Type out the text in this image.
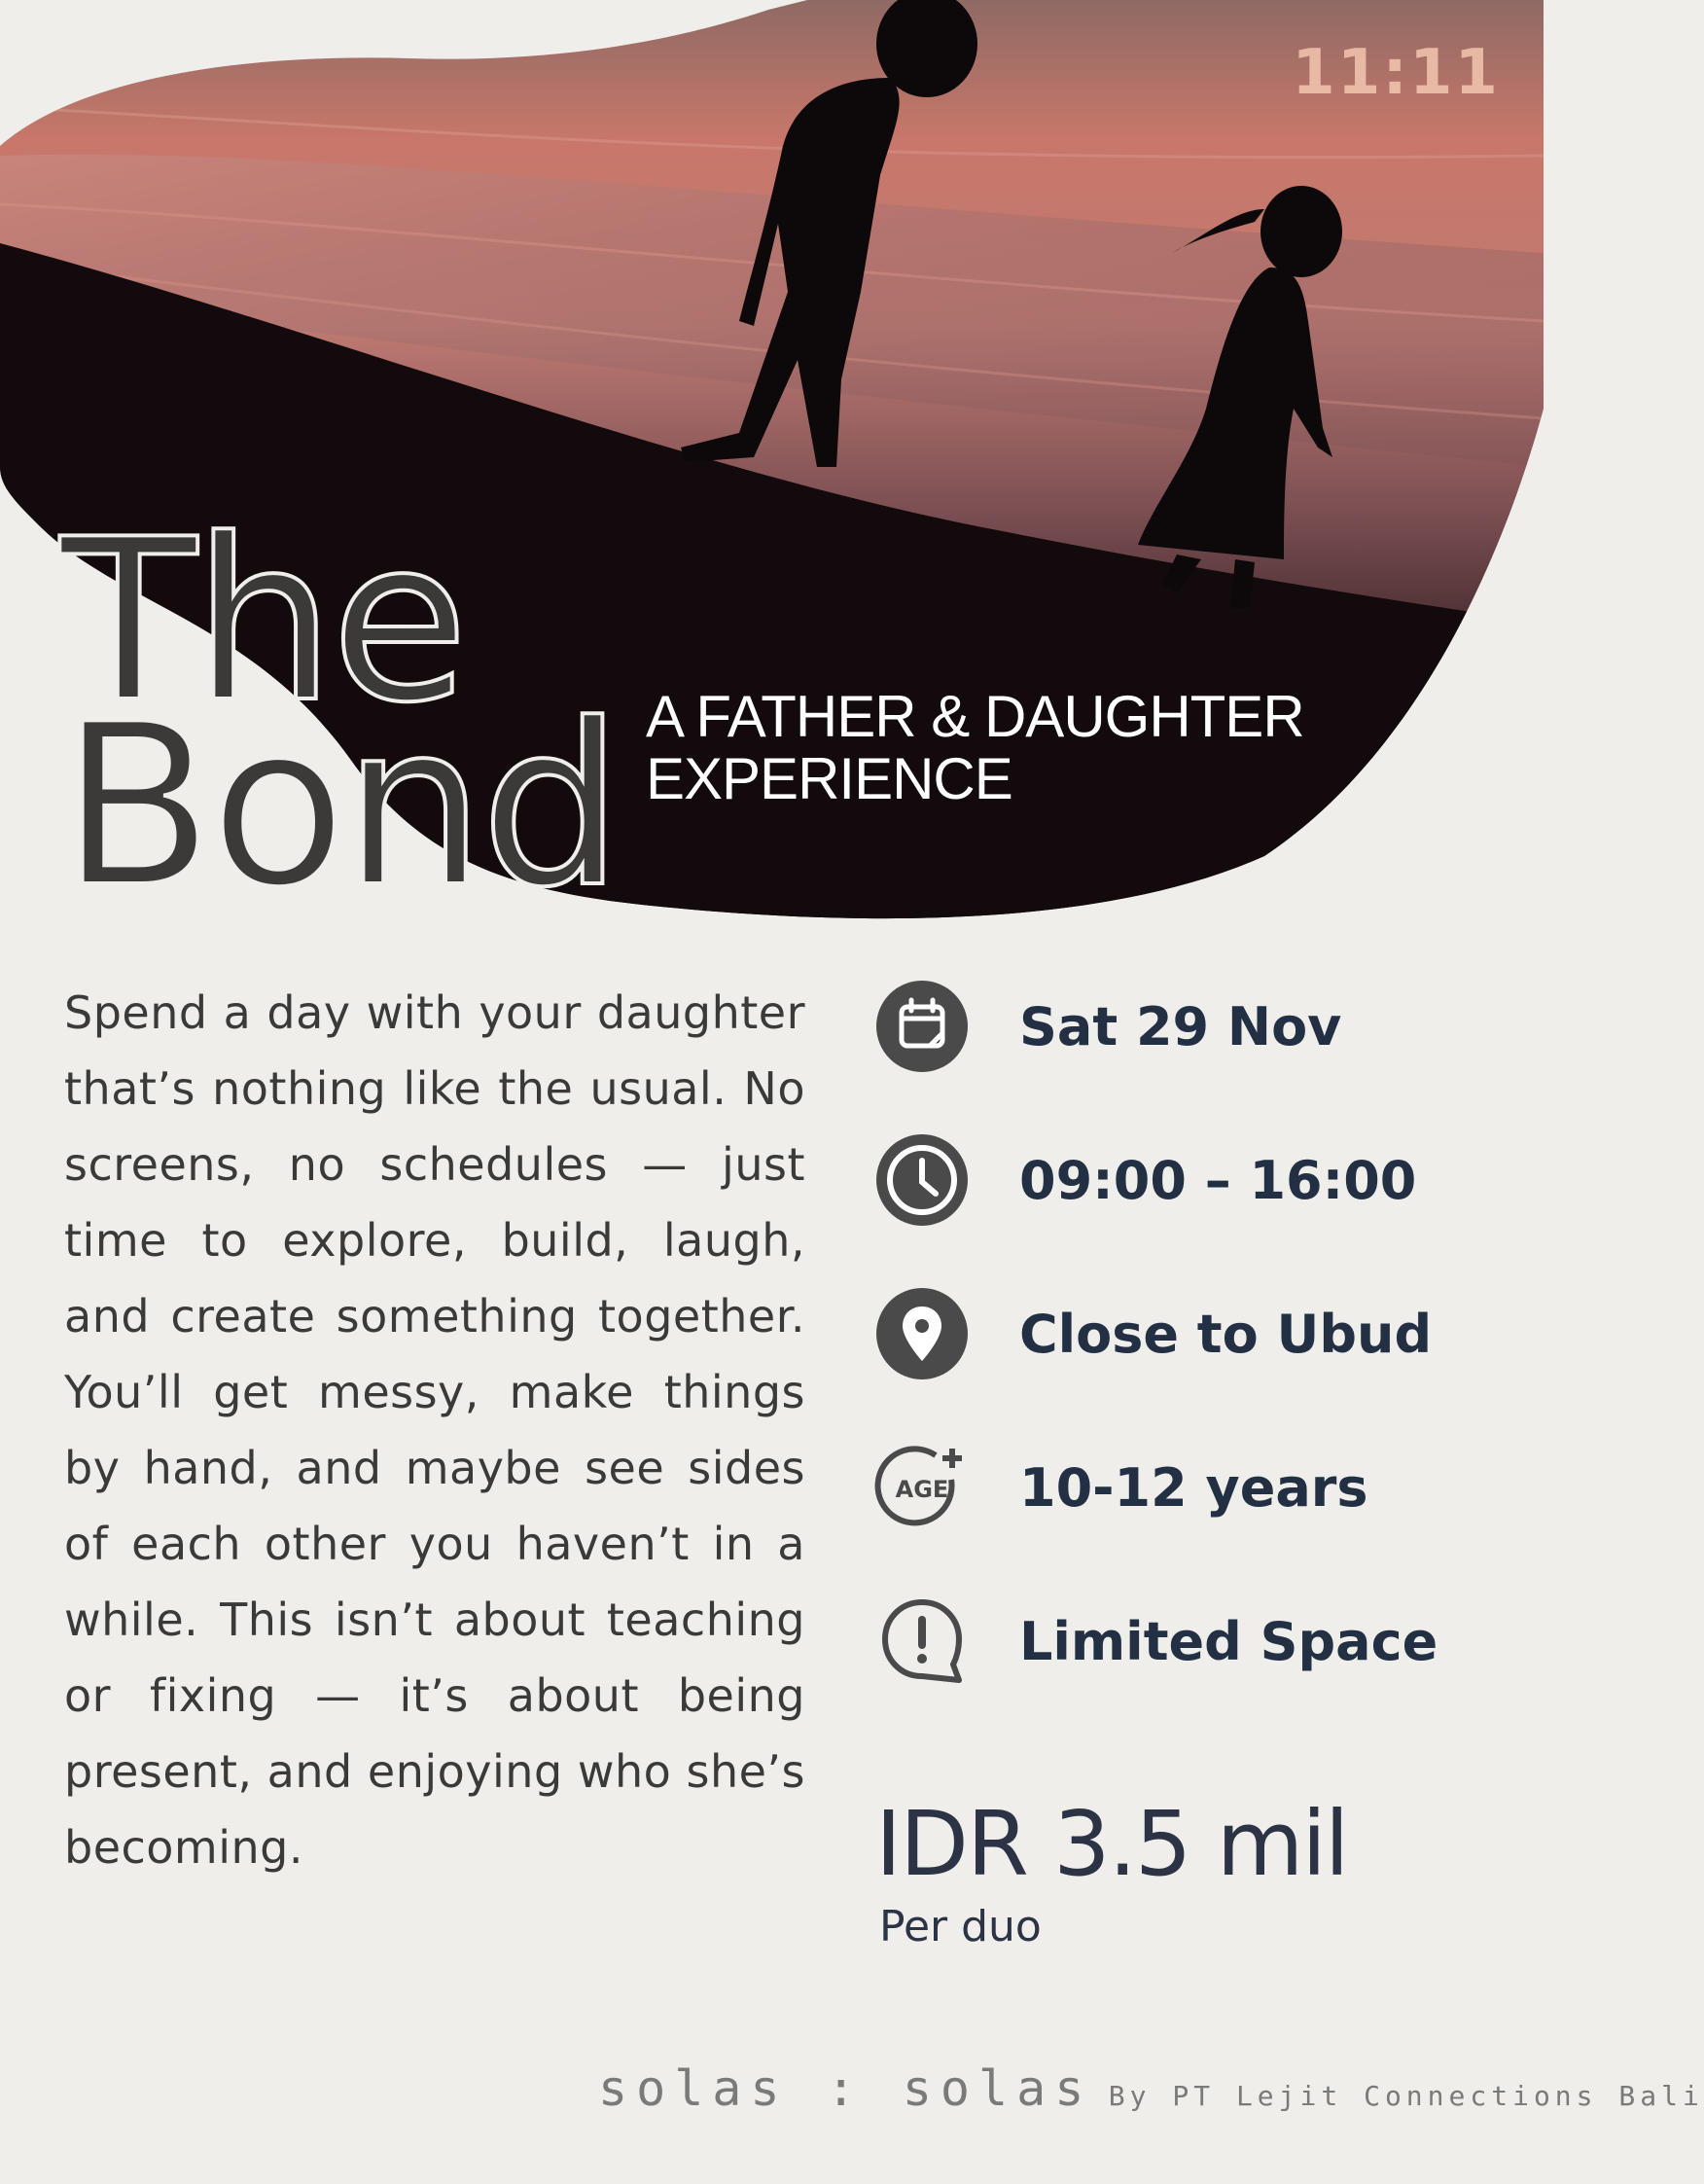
11:11
The
Bond A FATHER & DAUGHTER
EXPERIENCE
Spend a day with your daughter that’s nothing like the usual. No screens, no schedules — just time to explore, build, laugh, and create something together. You’ll get messy, make things by hand, and maybe see sides of each other you haven’t in a while. This isn’t about teaching or fixing — it’s about being present, and enjoying who she’s becoming.
Sat 29 Nov
09:00 – 16:00
Close to Ubud
AGE 10-12 years
Limited Space
IDR 3.5 mil
Per duo
solas : solas By PT Lejit Connections Bali
